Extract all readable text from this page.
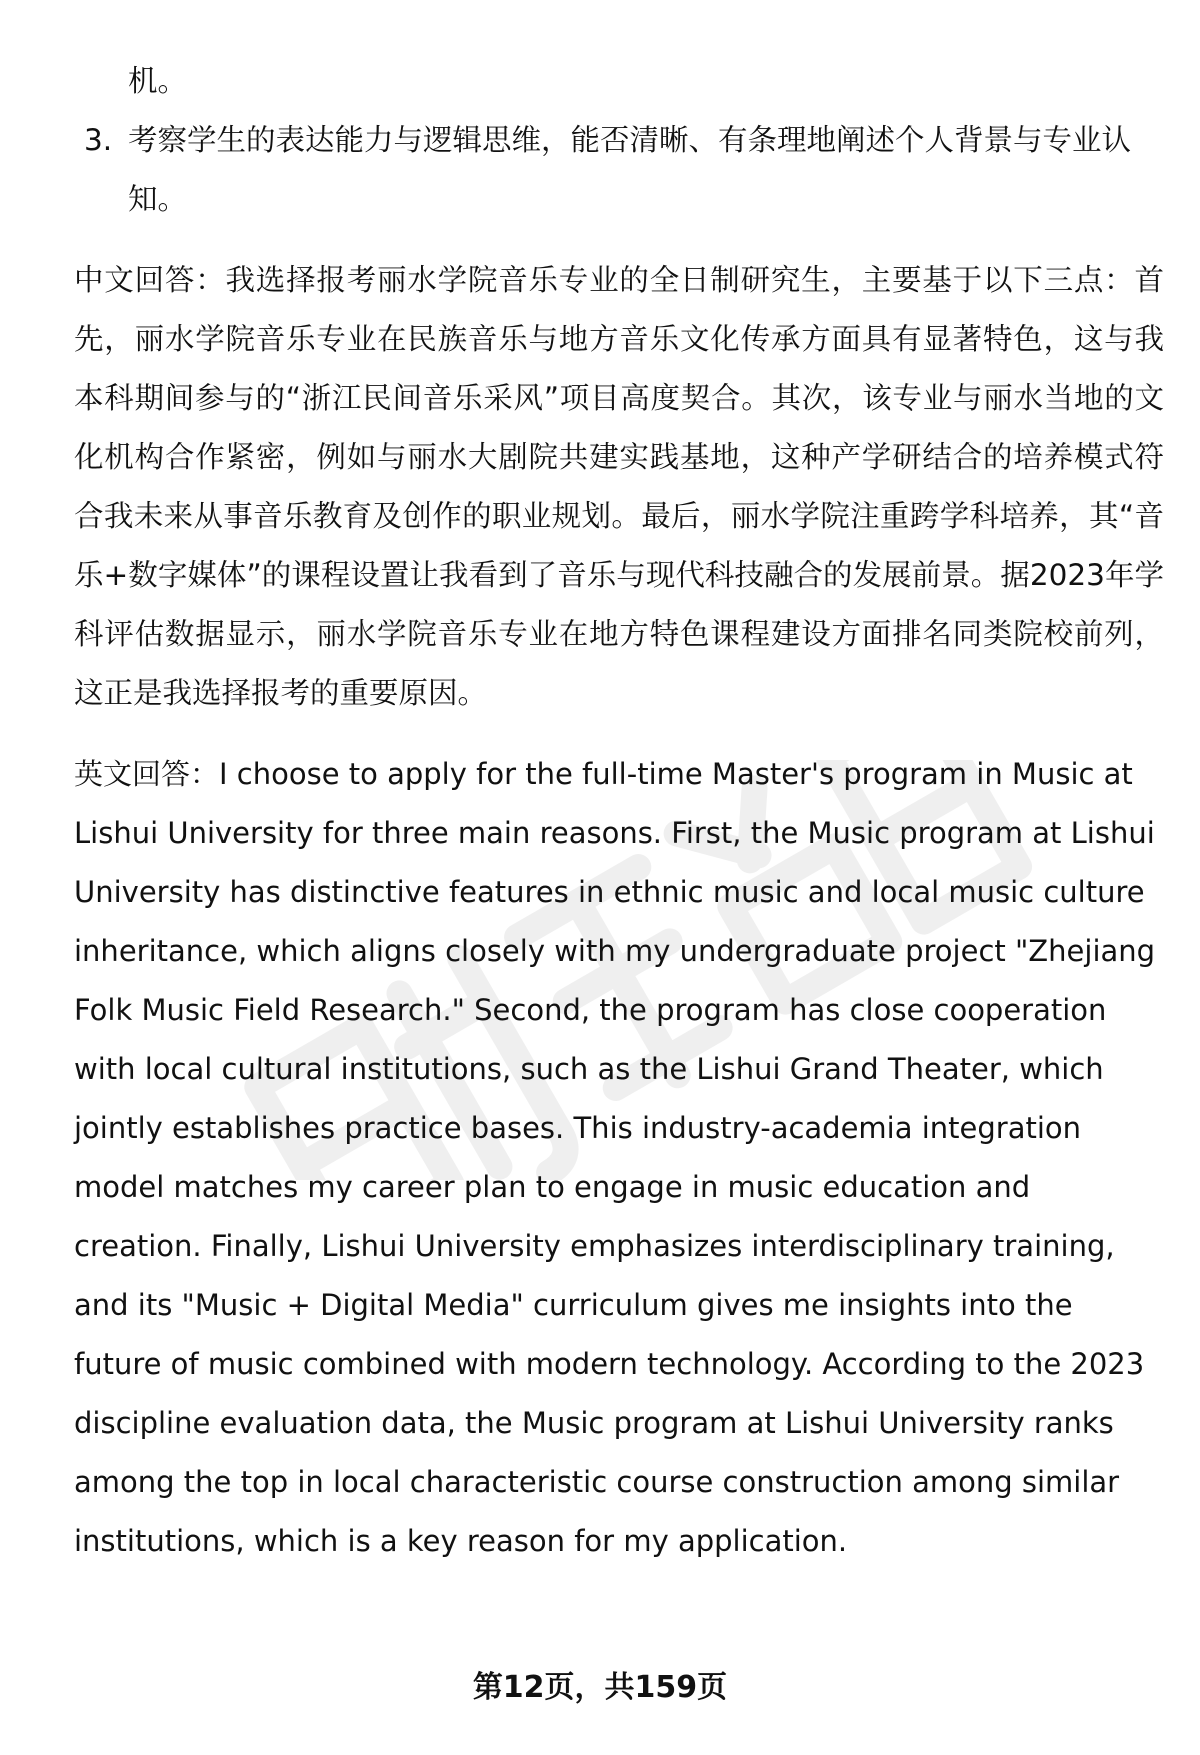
机。
3. 考察学生的表达能力与逻辑思维，能否清晰、有条理地阐述个人背景与专业认知。

中文回答：我选择报考丽水学院音乐专业的全日制研究生，主要基于以下三点：首先，丽水学院音乐专业在民族音乐与地方音乐文化传承方面具有显著特色，这与我本科期间参与的“浙江民间音乐采风”项目高度契合。其次，该专业与丽水当地的文化机构合作紧密，例如与丽水大剧院共建实践基地，这种产学研结合的培养模式符合我未来从事音乐教育及创作的职业规划。最后，丽水学院注重跨学科培养，其“音乐+数字媒体”的课程设置让我看到了音乐与现代科技融合的发展前景。据2023年学科评估数据显示，丽水学院音乐专业在地方特色课程建设方面排名同类院校前列，这正是我选择报考的重要原因。

英文回答：I choose to apply for the full-time Master's program in Music at Lishui University for three main reasons. First, the Music program at Lishui University has distinctive features in ethnic music and local music culture inheritance, which aligns closely with my undergraduate project "Zhejiang Folk Music Field Research." Second, the program has close cooperation with local cultural institutions, such as the Lishui Grand Theater, which jointly establishes practice bases. This industry-academia integration model matches my career plan to engage in music education and creation. Finally, Lishui University emphasizes interdisciplinary training, and its "Music + Digital Media" curriculum gives me insights into the future of music combined with modern technology. According to the 2023 discipline evaluation data, the Music program at Lishui University ranks among the top in local characteristic course construction among similar institutions, which is a key reason for my application.

第12页，共159页
